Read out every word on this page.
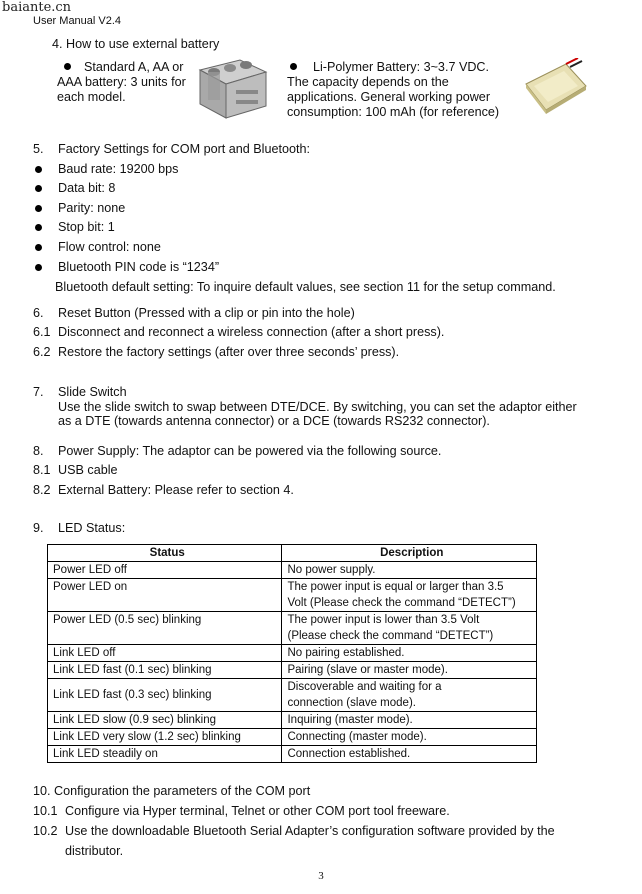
baiante.cn
User Manual V2.4
4. How to use external battery
Standard A, AA or
AAA battery: 3 units for
each model.
Li-Polymer Battery: 3~3.7 VDC.
The capacity depends on the
applications. General working power
consumption: 100 mAh (for reference)
5. Factory Settings for COM port and Bluetooth:
Baud rate: 19200 bps
Data bit: 8
Parity: none
Stop bit: 1
Flow control: none
Bluetooth PIN code is “1234”
Bluetooth default setting: To inquire default values, see section 11 for the setup command.
6. Reset Button (Pressed with a clip or pin into the hole)
6.1 Disconnect and reconnect a wireless connection (after a short press).
6.2 Restore the factory settings (after over three seconds’ press).
7. Slide Switch
Use the slide switch to swap between DTE/DCE. By switching, you can set the adaptor either
as a DTE (towards antenna connector) or a DCE (towards RS232 connector).
8. Power Supply: The adaptor can be powered via the following source.
8.1 USB cable
8.2 External Battery: Please refer to section 4.
9. LED Status:
Status	Description
Power LED off	No power supply.
Power LED on	The power input is equal or larger than 3.5
Volt (Please check the command “DETECT”)
Power LED (0.5 sec) blinking	The power input is lower than 3.5 Volt
(Please check the command “DETECT”)
Link LED off	No pairing established.
Link LED fast (0.1 sec) blinking	Pairing (slave or master mode).
Link LED fast (0.3 sec) blinking	Discoverable and waiting for a
connection (slave mode).
Link LED slow (0.9 sec) blinking	Inquiring (master mode).
Link LED very slow (1.2 sec) blinking	Connecting (master mode).
Link LED steadily on	Connection established.
10. Configuration the parameters of the COM port
10.1 Configure via Hyper terminal, Telnet or other COM port tool freeware.
10.2 Use the downloadable Bluetooth Serial Adapter’s configuration software provided by the
distributor.
3
